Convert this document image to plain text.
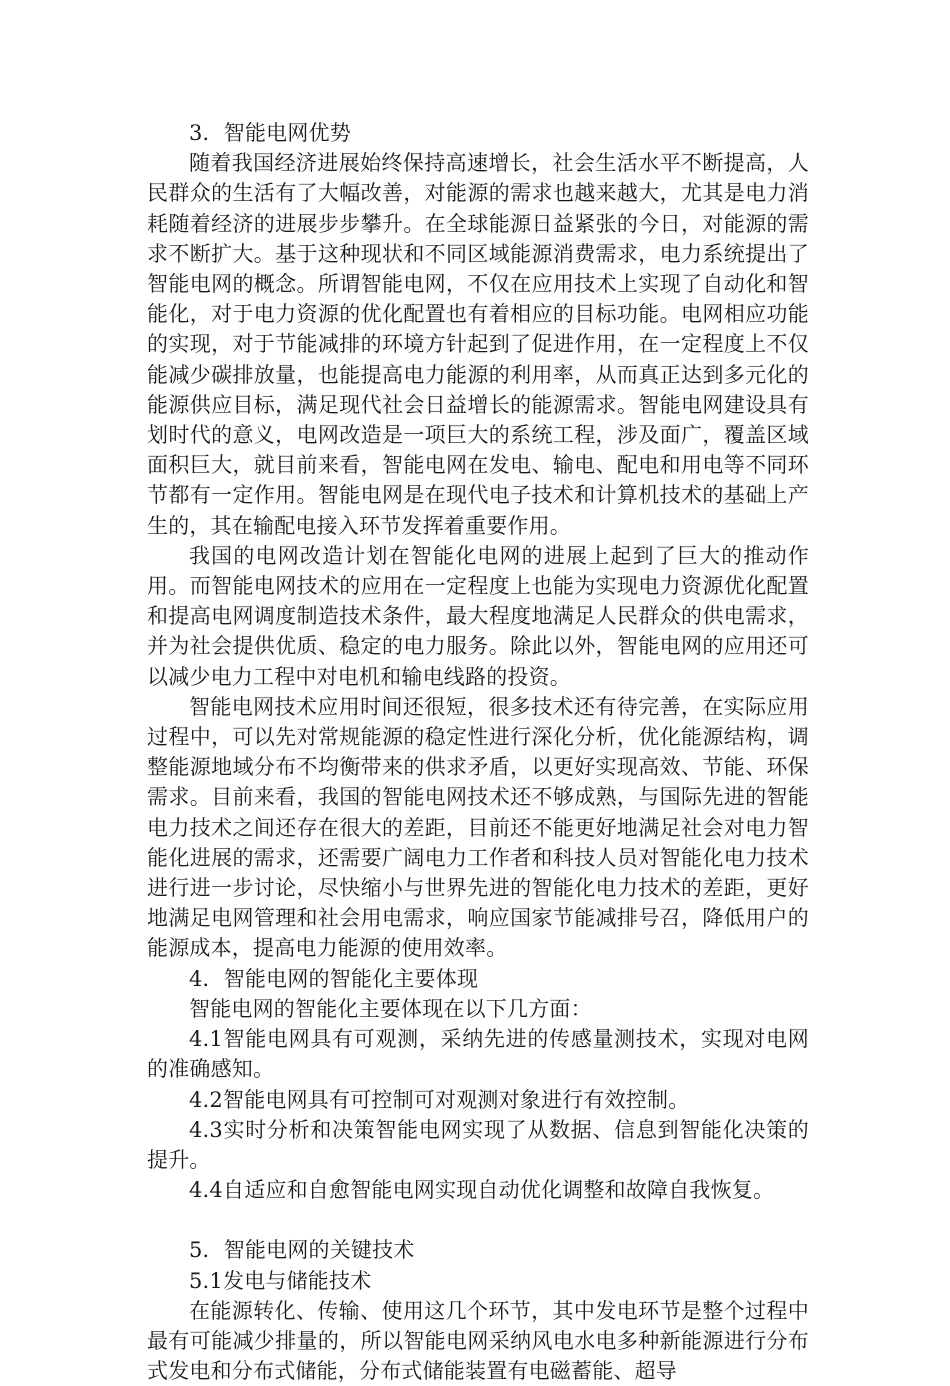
3．智能电网优势

随着我国经济进展始终保持高速增长，社会生活水平不断提高，人民群众的生活有了大幅改善，对能源的需求也越来越大，尤其是电力消耗随着经济的进展步步攀升。在全球能源日益紧张的今日，对能源的需求不断扩大。基于这种现状和不同区域能源消费需求，电力系统提出了智能电网的概念。所谓智能电网，不仅在应用技术上实现了自动化和智能化，对于电力资源的优化配置也有着相应的目标功能。电网相应功能的实现，对于节能减排的环境方针起到了促进作用，在一定程度上不仅能减少碳排放量，也能提高电力能源的利用率，从而真正达到多元化的能源供应目标，满足现代社会日益增长的能源需求。智能电网建设具有划时代的意义，电网改造是一项巨大的系统工程，涉及面广，覆盖区域面积巨大，就目前来看，智能电网在发电、输电、配电和用电等不同环节都有一定作用。智能电网是在现代电子技术和计算机技术的基础上产生的，其在输配电接入环节发挥着重要作用。

我国的电网改造计划在智能化电网的进展上起到了巨大的推动作用。而智能电网技术的应用在一定程度上也能为实现电力资源优化配置和提高电网调度制造技术条件，最大程度地满足人民群众的供电需求，并为社会提供优质、稳定的电力服务。除此以外，智能电网的应用还可以减少电力工程中对电机和输电线路的投资。

智能电网技术应用时间还很短，很多技术还有待完善，在实际应用过程中，可以先对常规能源的稳定性进行深化分析，优化能源结构，调整能源地域分布不均衡带来的供求矛盾，以更好实现高效、节能、环保需求。目前来看，我国的智能电网技术还不够成熟，与国际先进的智能电力技术之间还存在很大的差距，目前还不能更好地满足社会对电力智能化进展的需求，还需要广阔电力工作者和科技人员对智能化电力技术进行进一步讨论，尽快缩小与世界先进的智能化电力技术的差距，更好地满足电网管理和社会用电需求，响应国家节能减排号召，降低用户的能源成本，提高电力能源的使用效率。

4．智能电网的智能化主要体现

智能电网的智能化主要体现在以下几方面：

4.1智能电网具有可观测，采纳先进的传感量测技术，实现对电网的准确感知。

4.2智能电网具有可控制可对观测对象进行有效控制。

4.3实时分析和决策智能电网实现了从数据、信息到智能化决策的提升。

4.4自适应和自愈智能电网实现自动优化调整和故障自我恢复。

5．智能电网的关键技术

5.1发电与储能技术

在能源转化、传输、使用这几个环节，其中发电环节是整个过程中最有可能减少排量的，所以智能电网采纳风电水电多种新能源进行分布式发电和分布式储能，分布式储能装置有电磁蓄能、超导
